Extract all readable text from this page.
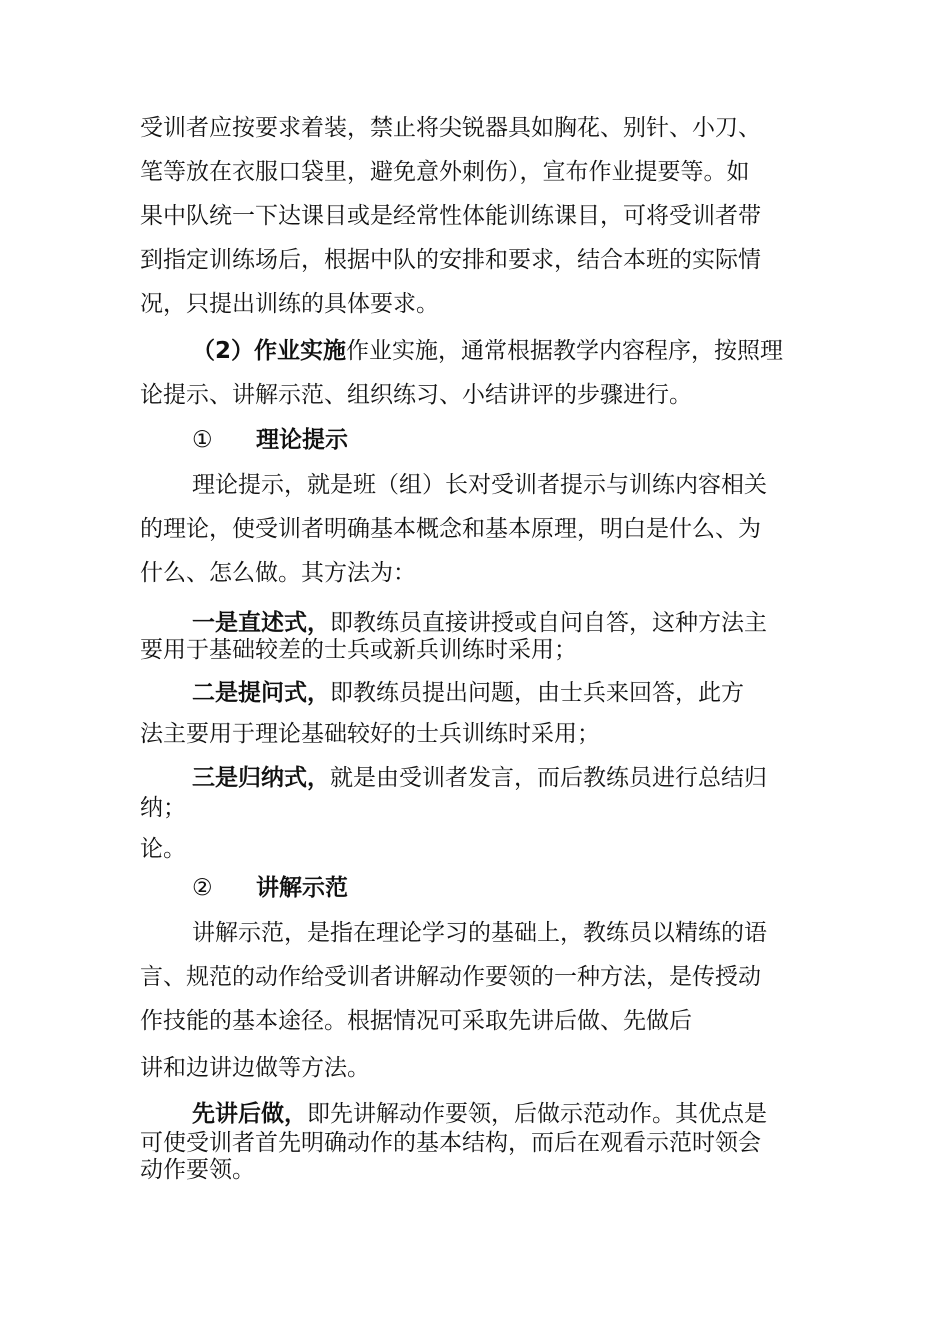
受训者应按要求着装，禁止将尖锐器具如胸花、别针、小刀、
笔等放在衣服口袋里，避免意外刺伤），宣布作业提要等。如
果中队统一下达课目或是经常性体能训练课目，可将受训者带
到指定训练场后，根据中队的安排和要求，结合本班的实际情
况，只提出训练的具体要求。
（2）作业实施作业实施，通常根据教学内容程序，按照理
论提示、讲解示范、组织练习、小结讲评的步骤进行。
① 理论提示
理论提示，就是班（组）长对受训者提示与训练内容相关
的理论，使受训者明确基本概念和基本原理，明白是什么、为
什么、怎么做。其方法为：
一是直述式，即教练员直接讲授或自问自答，这种方法主
要用于基础较差的士兵或新兵训练时采用；
二是提问式，即教练员提出问题，由士兵来回答，此方
法主要用于理论基础较好的士兵训练时采用；
三是归纳式，就是由受训者发言，而后教练员进行总结归
纳；
论。
② 讲解示范
讲解示范，是指在理论学习的基础上，教练员以精练的语
言、规范的动作给受训者讲解动作要领的一种方法，是传授动
作技能的基本途径。根据情况可采取先讲后做、先做后
讲和边讲边做等方法。
先讲后做，即先讲解动作要领，后做示范动作。其优点是
可使受训者首先明确动作的基本结构，而后在观看示范时领会
动作要领。
